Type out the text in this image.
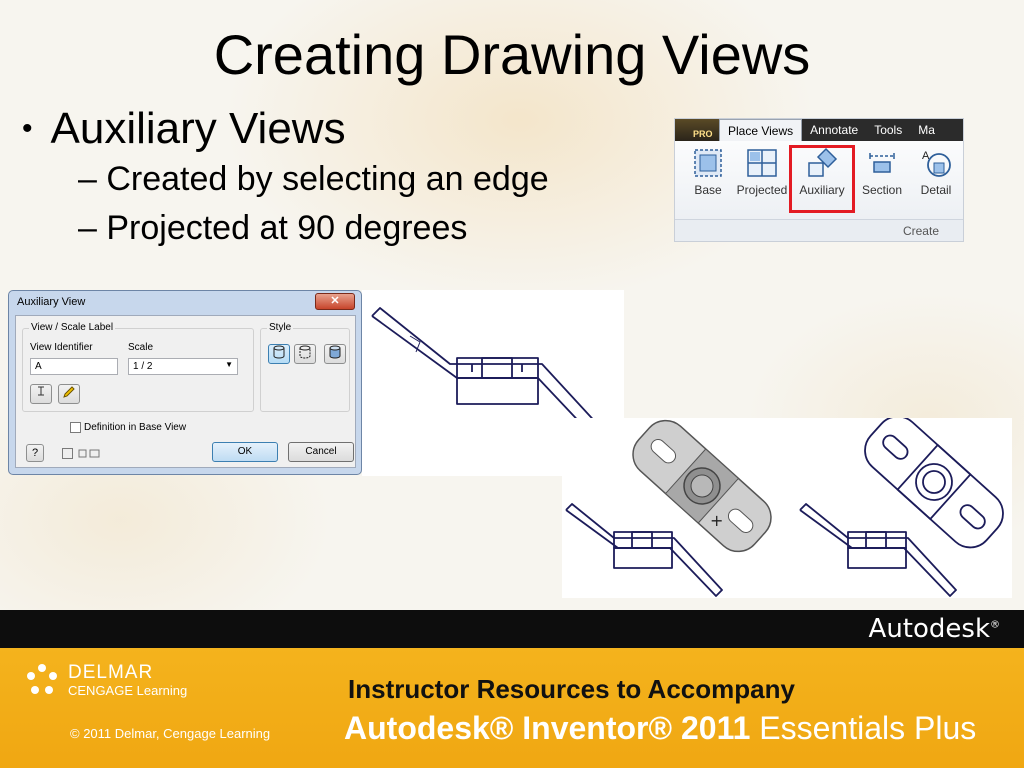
Creating Drawing Views
• Auxiliary Views
– Created by selecting an edge
– Projected at 90 degrees
PRO	Place Views	Annotate	Tools	Ma
Base Projected Auxiliary Section
A
Detail
Create
Auxiliary View	✕
View / Scale Label
View Identifier	Scale
A	1 / 2	▼
Style
Definition in Base View
?	OK	Cancel
+
Autodesk®
DELMAR
CENGAGE Learning
© 2011 Delmar, Cengage Learning
Instructor Resources to Accompany
Autodesk® Inventor® 2011 Essentials Plus
